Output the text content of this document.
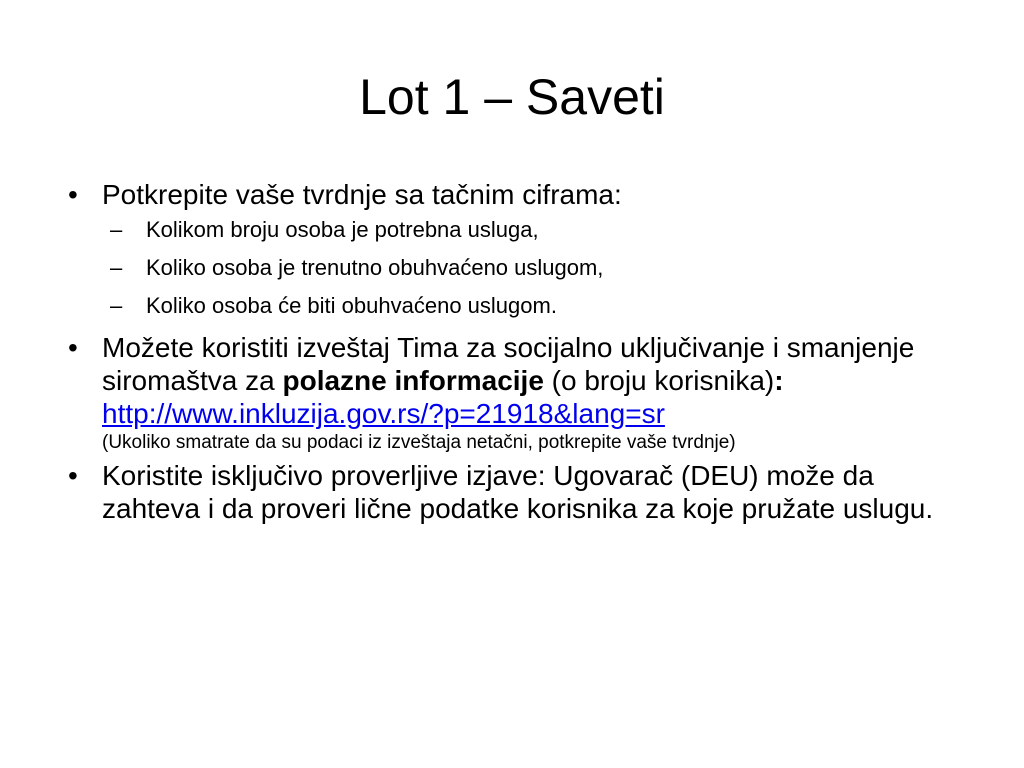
Lot 1 – Saveti
• Potkrepite vaše tvrdnje sa tačnim ciframa:
– Kolikom broju osoba je potrebna usluga,
– Koliko osoba je trenutno obuhvaćeno uslugom,
– Koliko osoba će biti obuhvaćeno uslugom.
• Možete koristiti izveštaj Tima za socijalno uključivanje i smanjenje siromaštva za polazne informacije (o broju korisnika):
http://www.inkluzija.gov.rs/?p=21918&lang=sr
(Ukoliko smatrate da su podaci iz izveštaja netačni, potkrepite vaše tvrdnje)
• Koristite isključivo proverljive izjave: Ugovarač (DEU) može da zahteva i da proveri lične podatke korisnika za koje pružate uslugu.
